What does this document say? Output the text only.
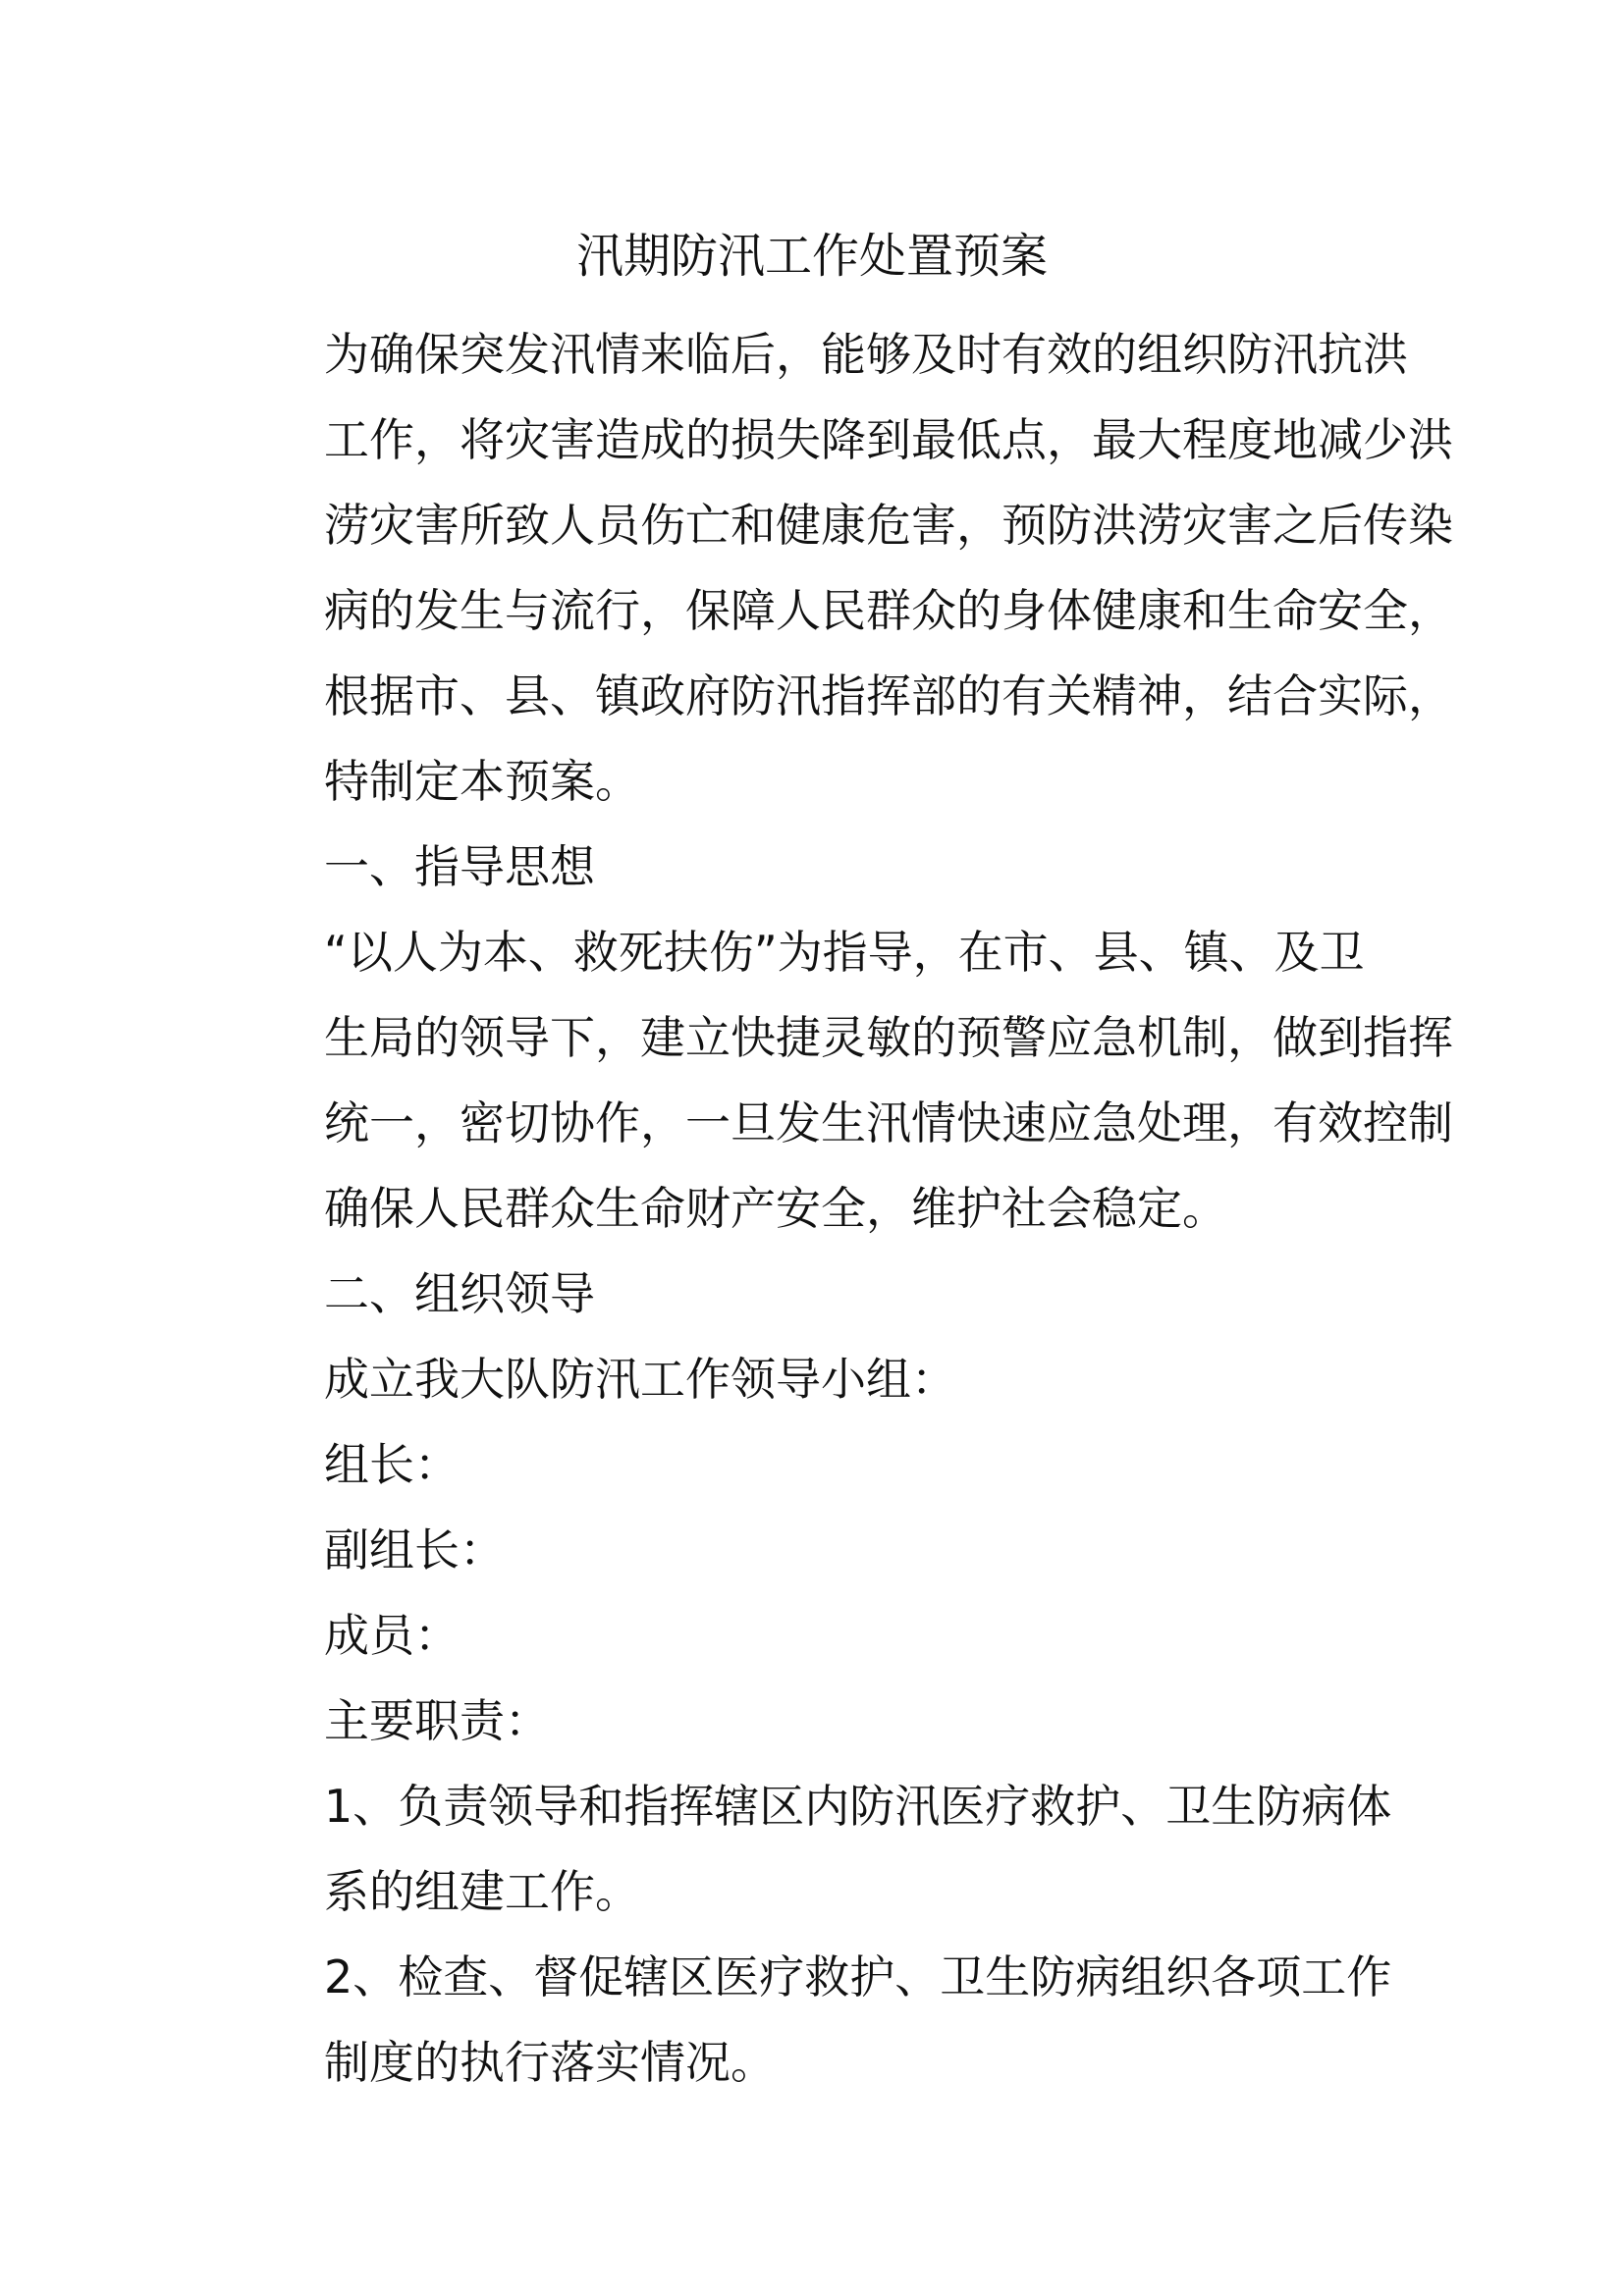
汛期防汛工作处置预案

为确保突发汛情来临后，能够及时有效的组织防汛抗洪
工作，将灾害造成的损失降到最低点，最大程度地减少洪
涝灾害所致人员伤亡和健康危害，预防洪涝灾害之后传染
病的发生与流行，保障人民群众的身体健康和生命安全，
根据市、县、镇政府防汛指挥部的有关精神，结合实际，
特制定本预案。

一、指导思想

“以人为本、救死扶伤”为指导，在市、县、镇、及卫
生局的领导下，建立快捷灵敏的预警应急机制，做到指挥
统一，密切协作，一旦发生汛情快速应急处理，有效控制
确保人民群众生命财产安全，维护社会稳定。

二、组织领导

成立我大队防汛工作领导小组：

组长：

副组长：

成员：

主要职责：

1、负责领导和指挥辖区内防汛医疗救护、卫生防病体
系的组建工作。

2、检查、督促辖区医疗救护、卫生防病组织各项工作
制度的执行落实情况。
